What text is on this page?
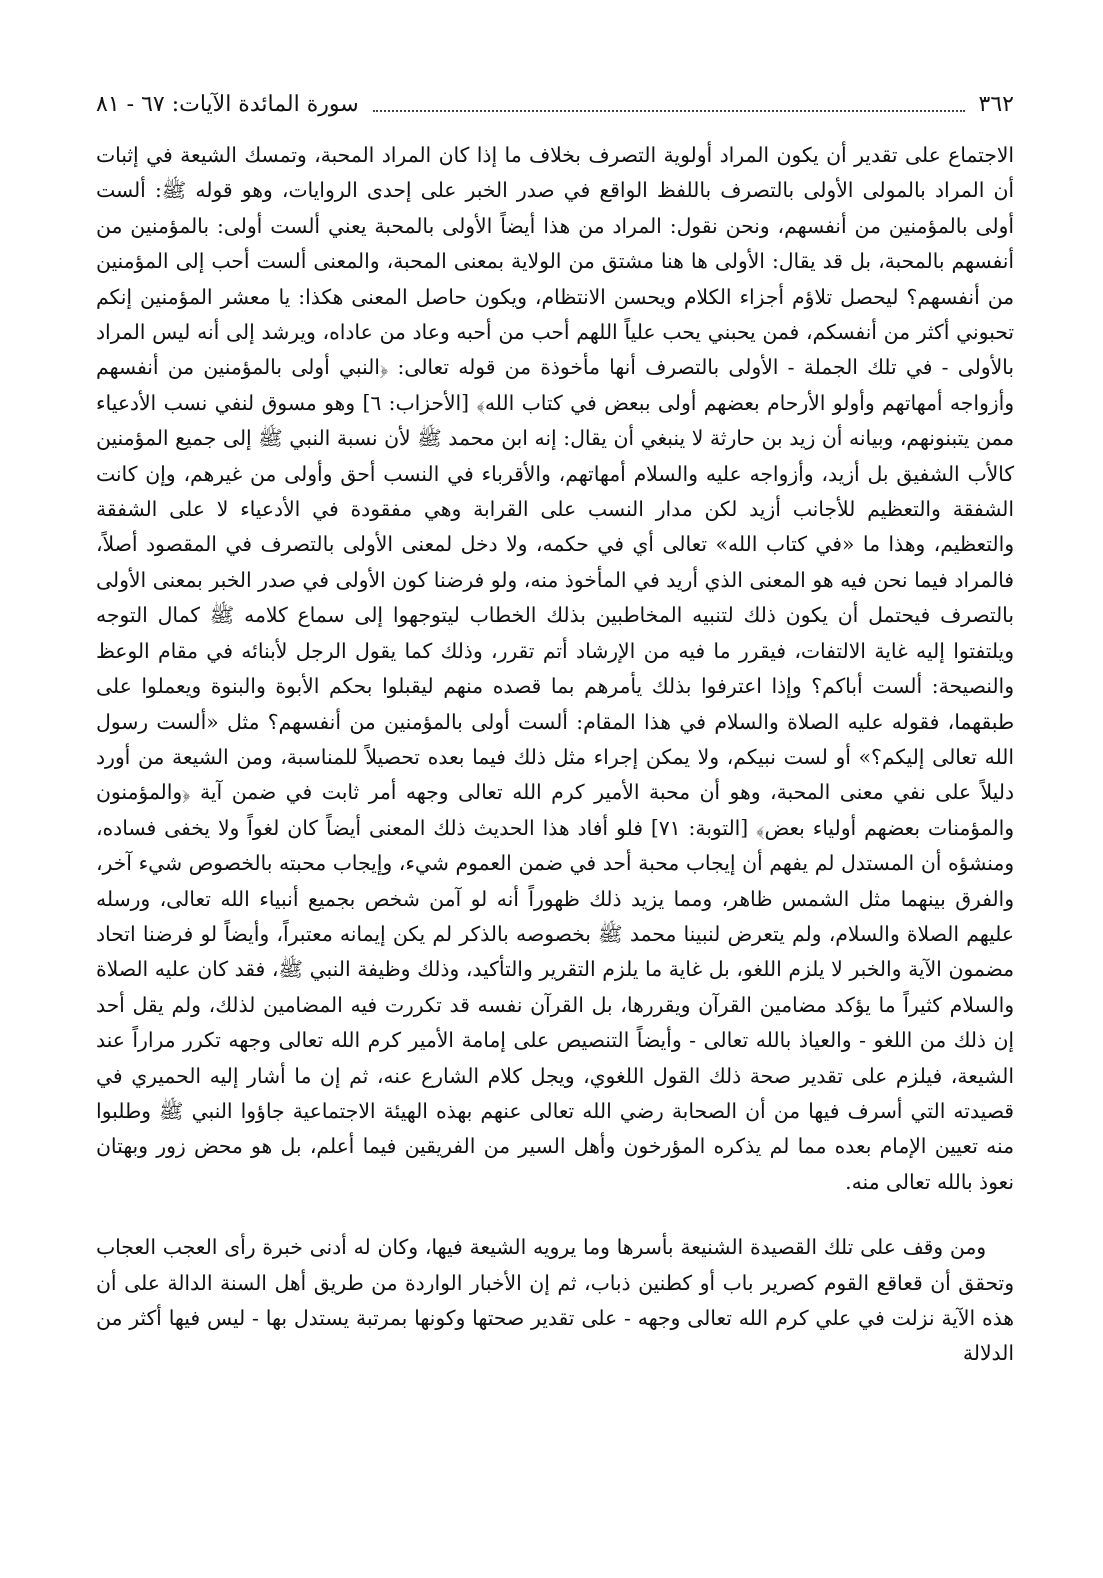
٣٦٢
سورة المائدة الآيات: ٦٧ - ٨١

الاجتماع على تقدير أن يكون المراد أولوية التصرف بخلاف ما إذا كان المراد المحبة، وتمسك الشيعة في إثبات أن المراد بالمولى الأولى بالتصرف باللفظ الواقع في صدر الخبر على إحدى الروايات، وهو قوله ﷺ: ألست أولى بالمؤمنين من أنفسهم، ونحن نقول: المراد من هذا أيضاً الأولى بالمحبة يعني ألست أولى: بالمؤمنين من أنفسهم بالمحبة، بل قد يقال: الأولى ها هنا مشتق من الولاية بمعنى المحبة، والمعنى ألست أحب إلى المؤمنين من أنفسهم؟ ليحصل تلاؤم أجزاء الكلام ويحسن الانتظام، ويكون حاصل المعنى هكذا: يا معشر المؤمنين إنكم تحبوني أكثر من أنفسكم، فمن يحبني يحب علياً اللهم أحب من أحبه وعاد من عاداه، ويرشد إلى أنه ليس المراد بالأولى - في تلك الجملة - الأولى بالتصرف أنها مأخوذة من قوله تعالى: ﴿النبي أولى بالمؤمنين من أنفسهم وأزواجه أمهاتهم وأولو الأرحام بعضهم أولى ببعض في كتاب الله﴾ [الأحزاب: ٦] وهو مسوق لنفي نسب الأدعياء ممن يتبنونهم، وبيانه أن زيد بن حارثة لا ينبغي أن يقال: إنه ابن محمد ﷺ لأن نسبة النبي ﷺ إلى جميع المؤمنين كالأب الشفيق بل أزيد، وأزواجه عليه والسلام أمهاتهم، والأقرباء في النسب أحق وأولى من غيرهم، وإن كانت الشفقة والتعظيم للأجانب أزيد لكن مدار النسب على القرابة وهي مفقودة في الأدعياء لا على الشفقة والتعظيم، وهذا ما «في كتاب الله» تعالى أي في حكمه، ولا دخل لمعنى الأولى بالتصرف في المقصود أصلاً، فالمراد فيما نحن فيه هو المعنى الذي أريد في المأخوذ منه، ولو فرضنا كون الأولى في صدر الخبر بمعنى الأولى بالتصرف فيحتمل أن يكون ذلك لتنبيه المخاطبين بذلك الخطاب ليتوجهوا إلى سماع كلامه ﷺ كمال التوجه ويلتفتوا إليه غاية الالتفات، فيقرر ما فيه من الإرشاد أتم تقرر، وذلك كما يقول الرجل لأبنائه في مقام الوعظ والنصيحة: ألست أباكم؟ وإذا اعترفوا بذلك يأمرهم بما قصده منهم ليقبلوا بحكم الأبوة والبنوة ويعملوا على طبقهما، فقوله عليه الصلاة والسلام في هذا المقام: ألست أولى بالمؤمنين من أنفسهم؟ مثل «ألست رسول الله تعالى إليكم؟» أو لست نبيكم، ولا يمكن إجراء مثل ذلك فيما بعده تحصيلاً للمناسبة، ومن الشيعة من أورد دليلاً على نفي معنى المحبة، وهو أن محبة الأمير كرم الله تعالى وجهه أمر ثابت في ضمن آية ﴿والمؤمنون والمؤمنات بعضهم أولياء بعض﴾ [التوبة: ٧١] فلو أفاد هذا الحديث ذلك المعنى أيضاً كان لغواً ولا يخفى فساده، ومنشؤه أن المستدل لم يفهم أن إيجاب محبة أحد في ضمن العموم شيء، وإيجاب محبته بالخصوص شيء آخر، والفرق بينهما مثل الشمس ظاهر، ومما يزيد ذلك ظهوراً أنه لو آمن شخص بجميع أنبياء الله تعالى، ورسله عليهم الصلاة والسلام، ولم يتعرض لنبينا محمد ﷺ بخصوصه بالذكر لم يكن إيمانه معتبراً، وأيضاً لو فرضنا اتحاد مضمون الآية والخبر لا يلزم اللغو، بل غاية ما يلزم التقرير والتأكيد، وذلك وظيفة النبي ﷺ، فقد كان عليه الصلاة والسلام كثيراً ما يؤكد مضامين القرآن ويقررها، بل القرآن نفسه قد تكررت فيه المضامين لذلك، ولم يقل أحد إن ذلك من اللغو - والعياذ بالله تعالى - وأيضاً التنصيص على إمامة الأمير كرم الله تعالى وجهه تكرر مراراً عند الشيعة، فيلزم على تقدير صحة ذلك القول اللغوي، ويجل كلام الشارع عنه، ثم إن ما أشار إليه الحميري في قصيدته التي أسرف فيها من أن الصحابة رضي الله تعالى عنهم بهذه الهيئة الاجتماعية جاؤوا النبي ﷺ وطلبوا منه تعيين الإمام بعده مما لم يذكره المؤرخون وأهل السير من الفريقين فيما أعلم، بل هو محض زور وبهتان نعوذ بالله تعالى منه.

ومن وقف على تلك القصيدة الشنيعة بأسرها وما يرويه الشيعة فيها، وكان له أدنى خبرة رأى العجب العجاب وتحقق أن قعاقع القوم كصرير باب أو كطنين ذباب، ثم إن الأخبار الواردة من طريق أهل السنة الدالة على أن هذه الآية نزلت في علي كرم الله تعالى وجهه - على تقدير صحتها وكونها بمرتبة يستدل بها - ليس فيها أكثر من الدلالة
